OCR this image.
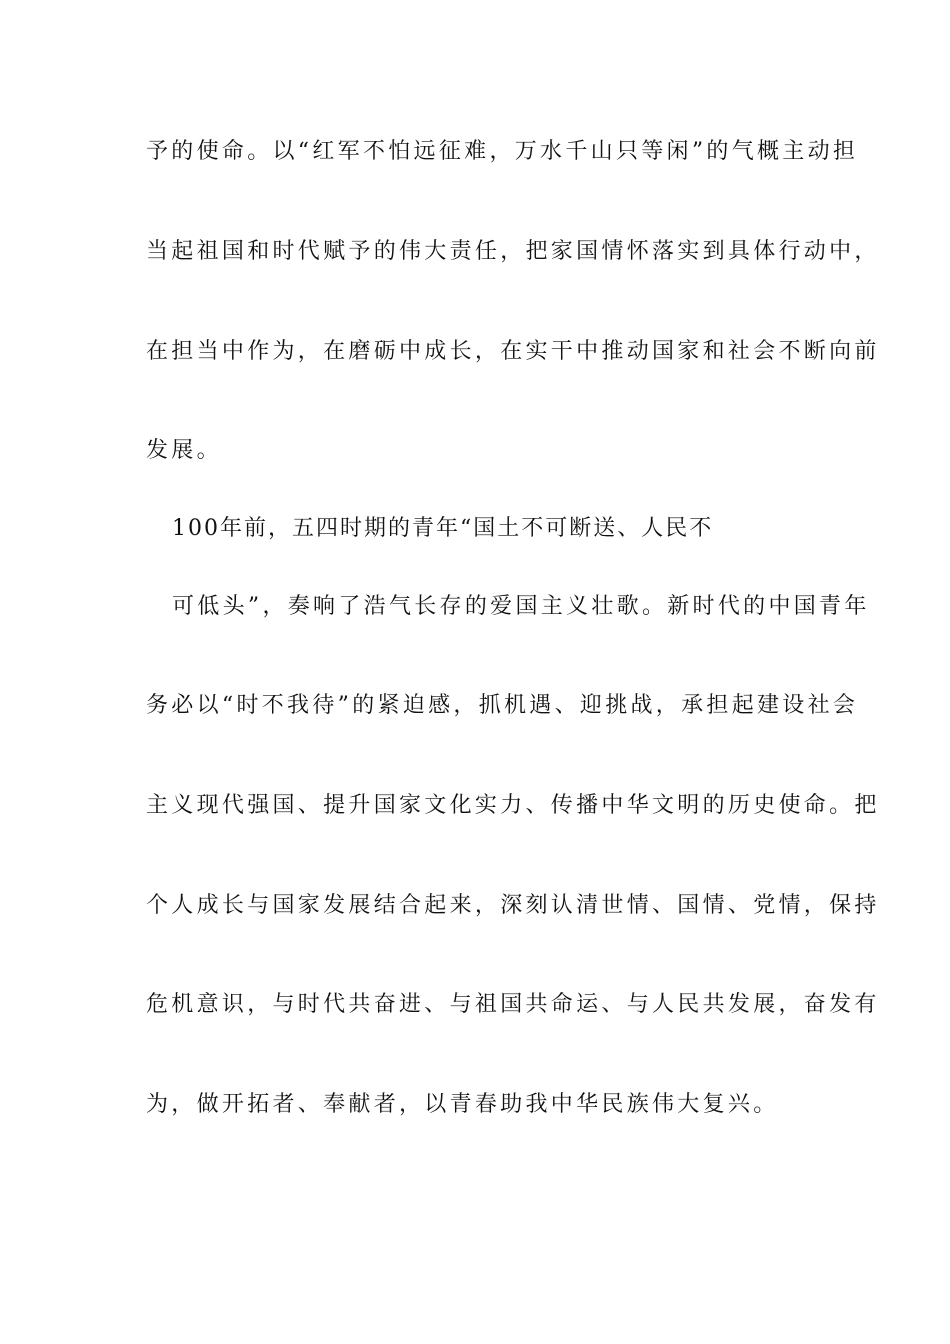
予的使命。以“红军不怕远征难，万水千山只等闲”的气概主动担
当起祖国和时代赋予的伟大责任，把家国情怀落实到具体行动中，
在担当中作为，在磨砺中成长，在实干中推动国家和社会不断向前
发展。
100年前，五四时期的青年“国土不可断送、人民不
可低头”，奏响了浩气长存的爱国主义壮歌。新时代的中国青年
务必以“时不我待”的紧迫感，抓机遇、迎挑战，承担起建设社会
主义现代强国、提升国家文化实力、传播中华文明的历史使命。把
个人成长与国家发展结合起来，深刻认清世情、国情、党情，保持
危机意识，与时代共奋进、与祖国共命运、与人民共发展，奋发有
为，做开拓者、奉献者，以青春助我中华民族伟大复兴。
